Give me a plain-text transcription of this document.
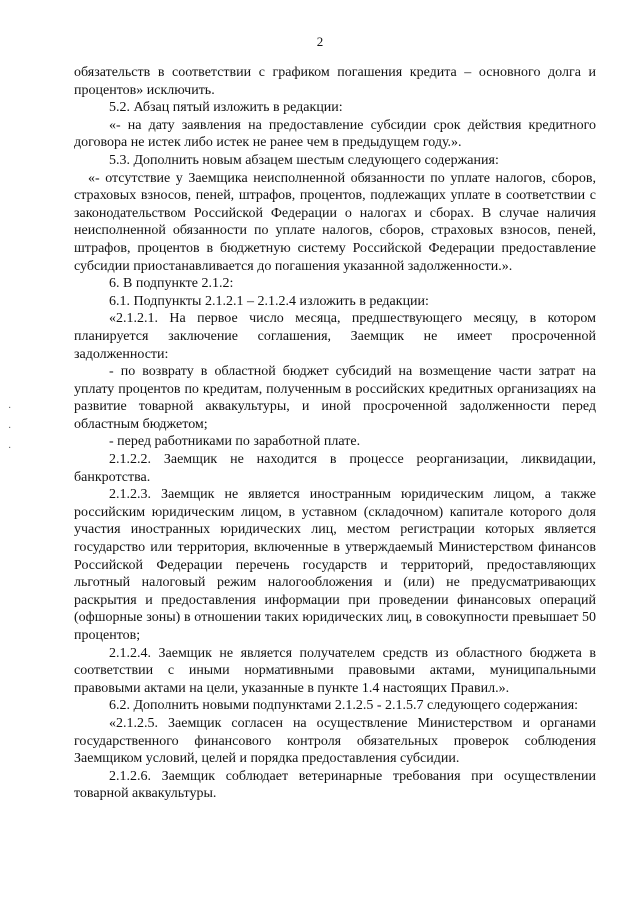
2
·
·
·

обязательств в соответствии с графиком погашения кредита – основного долга и процентов» исключить.

5.2. Абзац пятый изложить в редакции:

«- на дату заявления на предоставление субсидии срок действия кредитного договора не истек либо истек не ранее чем в предыдущем году.».

5.3. Дополнить новым абзацем шестым следующего содержания:

«- отсутствие у Заемщика неисполненной обязанности по уплате налогов, сборов, страховых взносов, пеней, штрафов, процентов, подлежащих уплате в соответствии с законодательством Российской Федерации о налогах и сборах. В случае наличия неисполненной обязанности по уплате налогов, сборов, страховых взносов, пеней, штрафов, процентов в бюджетную систему Российской Федерации предоставление субсидии приостанавливается до погашения указанной задолженности.».

6. В подпункте 2.1.2:

6.1. Подпункты 2.1.2.1 – 2.1.2.4 изложить в редакции:

«2.1.2.1. На первое число месяца, предшествующего месяцу, в котором планируется заключение соглашения, Заемщик не имеет просроченной задолженности:

- по возврату в областной бюджет субсидий на возмещение части затрат на уплату процентов по кредитам, полученным в российских кредитных организациях на развитие товарной аквакультуры, и иной просроченной задолженности перед областным бюджетом;

- перед работниками по заработной плате.

2.1.2.2. Заемщик не находится в процессе реорганизации, ликвидации, банкротства.

2.1.2.3. Заемщик не является иностранным юридическим лицом, а также российским юридическим лицом, в уставном (складочном) капитале которого доля участия иностранных юридических лиц, местом регистрации которых является государство или территория, включенные в утверждаемый Министерством финансов Российской Федерации перечень государств и территорий, предоставляющих льготный налоговый режим налогообложения и (или) не предусматривающих раскрытия и предоставления информации при проведении финансовых операций (офшорные зоны) в отношении таких юридических лиц, в совокупности превышает 50 процентов;

2.1.2.4. Заемщик не является получателем средств из областного бюджета в соответствии с иными нормативными правовыми актами, муниципальными правовыми актами на цели, указанные в пункте 1.4 настоящих Правил.».

6.2. Дополнить новыми подпунктами 2.1.2.5 - 2.1.5.7 следующего содержания:

«2.1.2.5. Заемщик согласен на осуществление Министерством и органами государственного финансового контроля обязательных проверок соблюдения Заемщиком условий, целей и порядка предоставления субсидии.

2.1.2.6. Заемщик соблюдает ветеринарные требования при осуществлении товарной аквакультуры.
